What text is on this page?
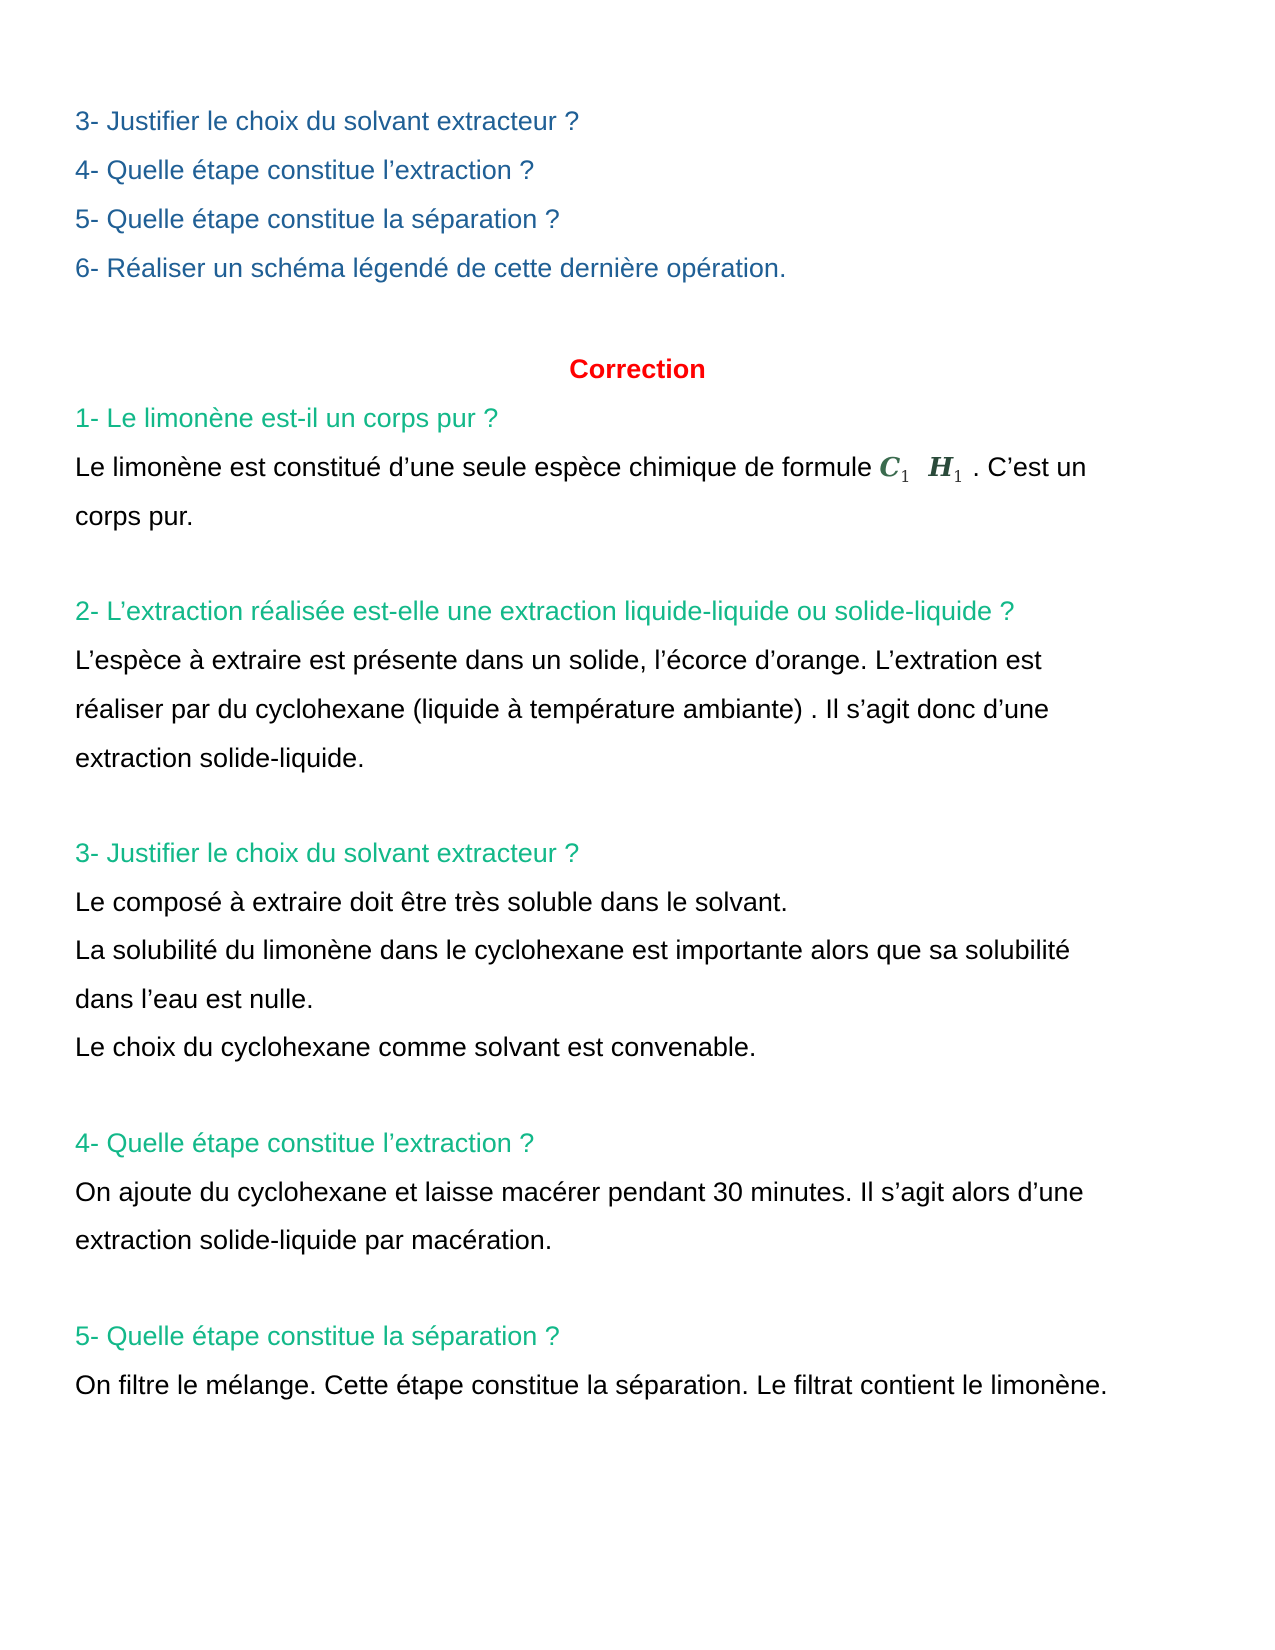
3- Justifier le choix du solvant extracteur ?
4- Quelle étape constitue l’extraction ?
5- Quelle étape constitue la séparation ?
6- Réaliser un schéma légendé de cette dernière opération.
Correction
1- Le limonène est-il un corps pur ?
Le limonène est constitué d’une seule espèce chimique de formule $C_1$ $H_1$ . C’est un
corps pur.
2- L’extraction réalisée est-elle une extraction liquide-liquide ou solide-liquide ?
L’espèce à extraire est présente dans un solide, l’écorce d’orange. L’extration est
réaliser par du cyclohexane (liquide à température ambiante) . Il s’agit donc d’une
extraction solide-liquide.
3- Justifier le choix du solvant extracteur ?
Le composé à extraire doit être très soluble dans le solvant.
La solubilité du limonène dans le cyclohexane est importante alors que sa solubilité
dans l’eau est nulle.
Le choix du cyclohexane comme solvant est convenable.
4- Quelle étape constitue l’extraction ?
On ajoute du cyclohexane et laisse macérer pendant 30 minutes. Il s’agit alors d’une
extraction solide-liquide par macération.
5- Quelle étape constitue la séparation ?
On filtre le mélange. Cette étape constitue la séparation. Le filtrat contient le limonène.
